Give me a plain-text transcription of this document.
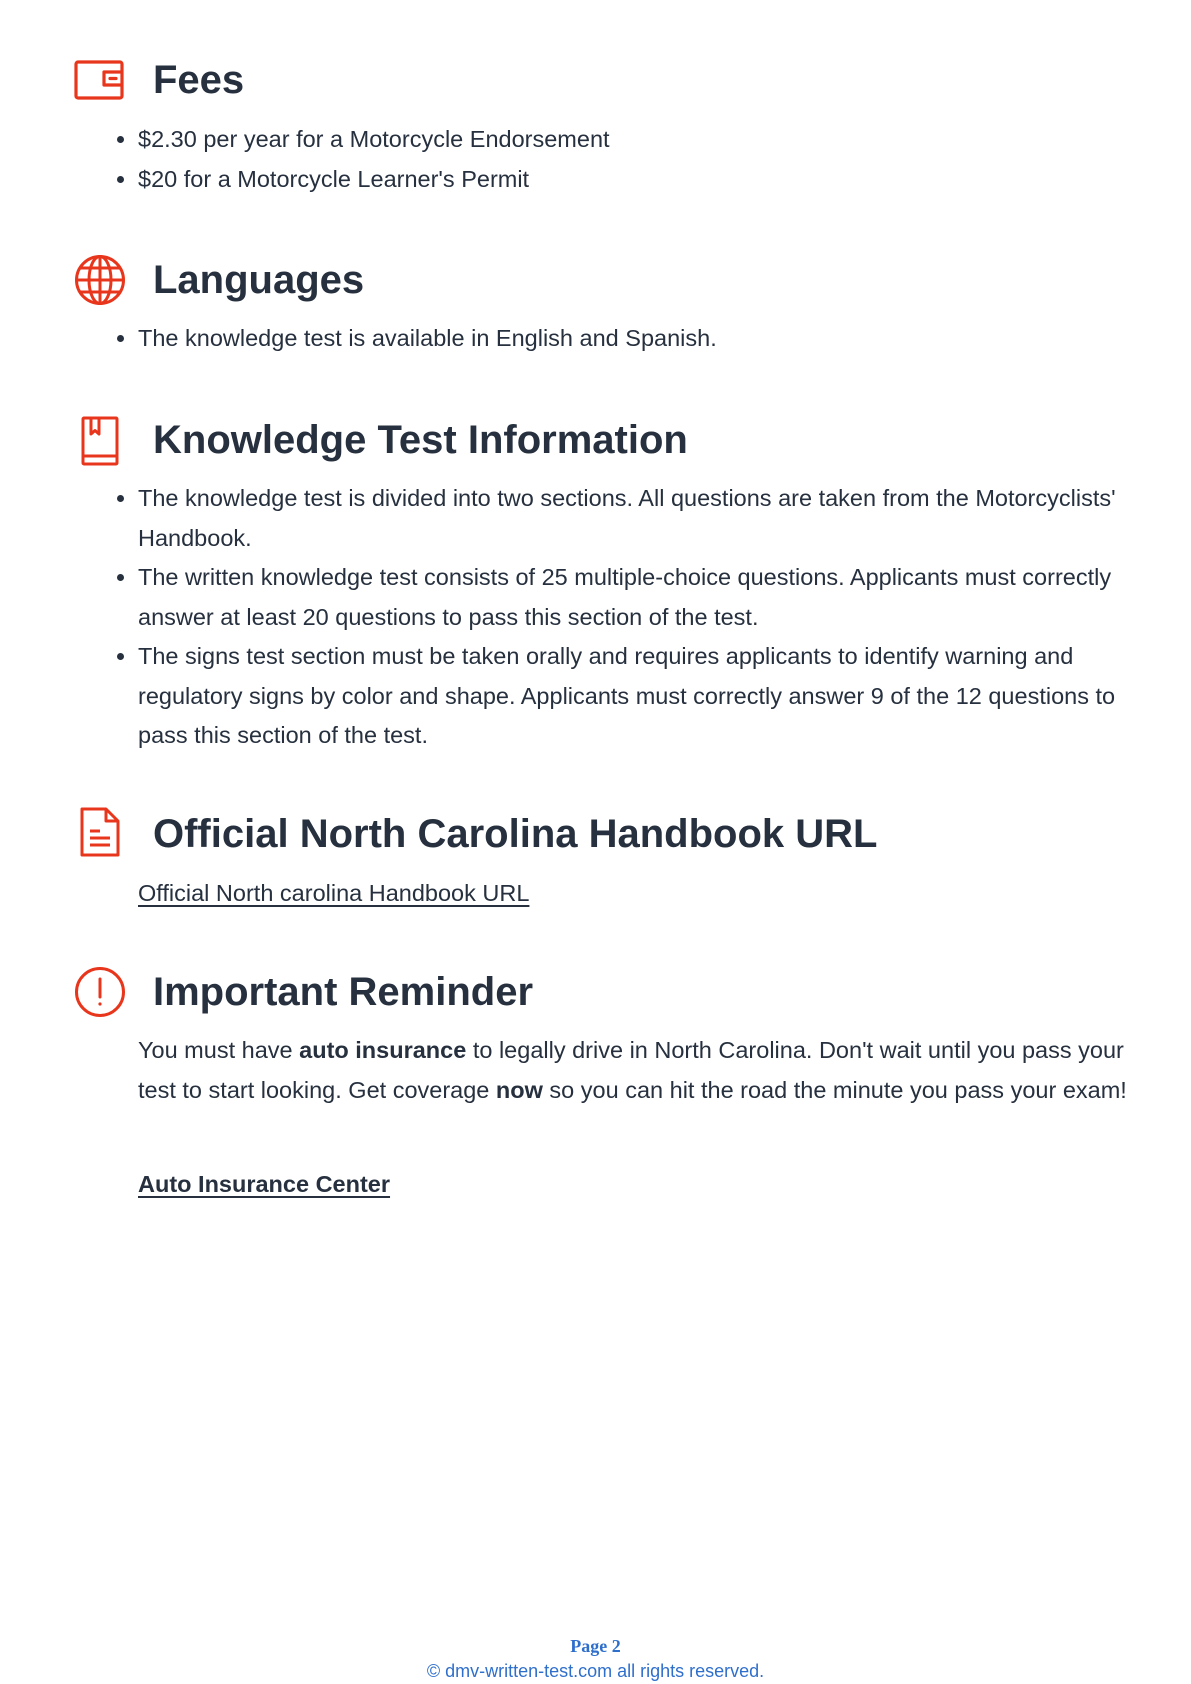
Fees
• $2.30 per year for a Motorcycle Endorsement
• $20 for a Motorcycle Learner's Permit
Languages
• The knowledge test is available in English and Spanish.
Knowledge Test Information
• The knowledge test is divided into two sections. All questions are taken from the Motorcyclists' Handbook.
• The written knowledge test consists of 25 multiple-choice questions. Applicants must correctly answer at least 20 questions to pass this section of the test.
• The signs test section must be taken orally and requires applicants to identify warning and regulatory signs by color and shape. Applicants must correctly answer 9 of the 12 questions to pass this section of the test.
Official North Carolina Handbook URL

Official North carolina Handbook URL

Important Reminder

You must have auto insurance to legally drive in North Carolina. Don't wait until you pass your test to start looking. Get coverage now so you can hit the road the minute you pass your exam!

Auto Insurance Center

Page 2
© dmv-written-test.com all rights reserved.
